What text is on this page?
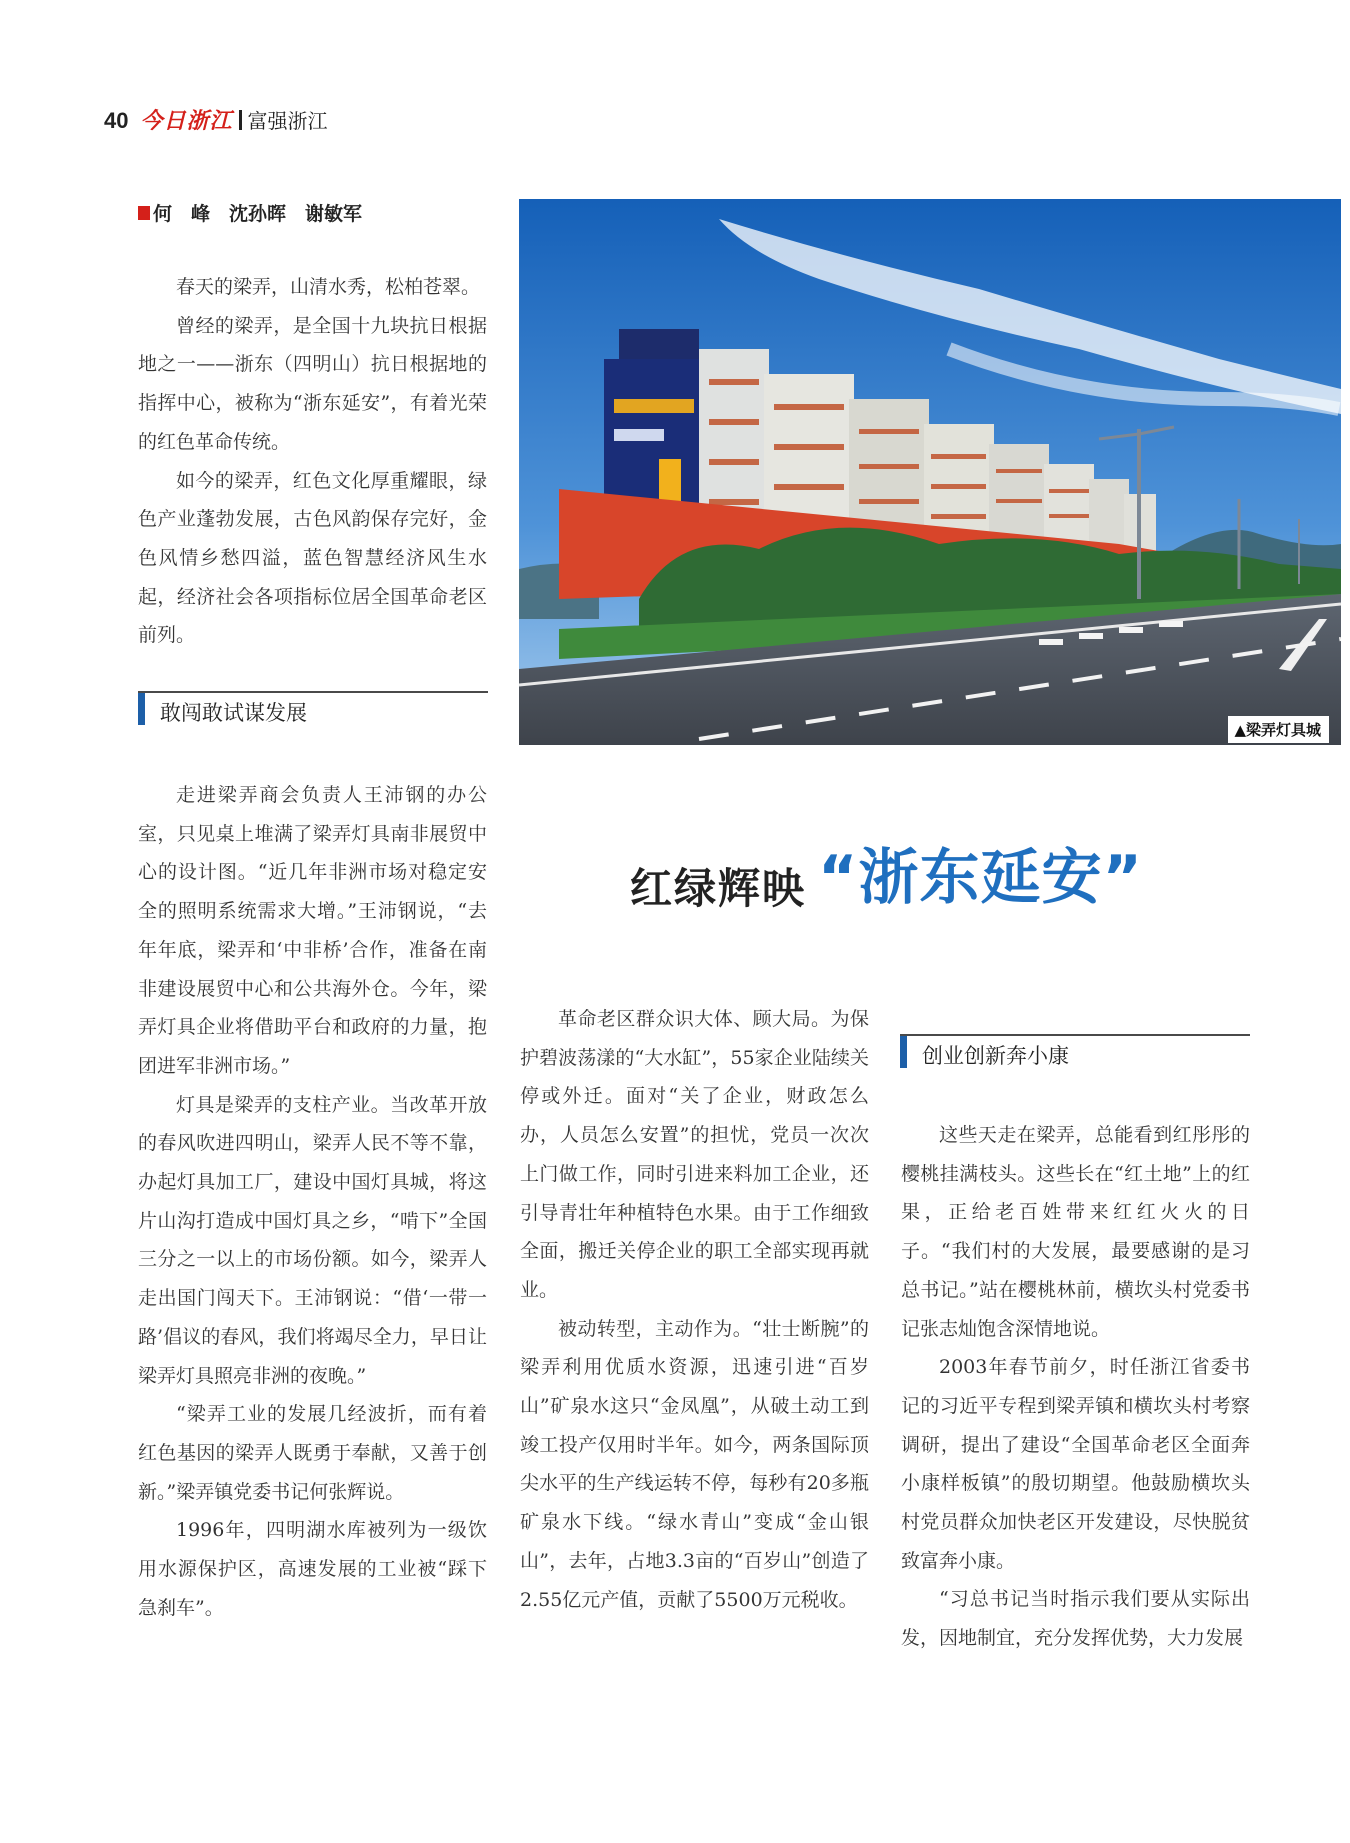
40 今日浙江 富强浙江
何　峰　沈孙晖　谢敏军

春天的梁弄，山清水秀，松柏苍翠。

曾经的梁弄，是全国十九块抗日根据地之一——浙东（四明山）抗日根据地的指挥中心，被称为“浙东延安”，有着光荣的红色革命传统。

如今的梁弄，红色文化厚重耀眼，绿色产业蓬勃发展，古色风韵保存完好，金色风情乡愁四溢，蓝色智慧经济风生水起，经济社会各项指标位居全国革命老区前列。

敢闯敢试谋发展

走进梁弄商会负责人王沛钢的办公室，只见桌上堆满了梁弄灯具南非展贸中心的设计图。“近几年非洲市场对稳定安全的照明系统需求大增。”王沛钢说，“去年年底，梁弄和‘中非桥’合作，准备在南非建设展贸中心和公共海外仓。今年，梁弄灯具企业将借助平台和政府的力量，抱团进军非洲市场。”

灯具是梁弄的支柱产业。当改革开放的春风吹进四明山，梁弄人民不等不靠，办起灯具加工厂，建设中国灯具城，将这片山沟打造成中国灯具之乡，“啃下”全国三分之一以上的市场份额。如今，梁弄人走出国门闯天下。王沛钢说：“借‘一带一路’倡议的春风，我们将竭尽全力，早日让梁弄灯具照亮非洲的夜晚。”

“梁弄工业的发展几经波折，而有着红色基因的梁弄人既勇于奉献，又善于创新。”梁弄镇党委书记何张辉说。

1996年，四明湖水库被列为一级饮用水源保护区，高速发展的工业被“踩下急刹车”。

▲梁弄灯具城
红绿辉映 “浙东延安”

革命老区群众识大体、顾大局。为保护碧波荡漾的“大水缸”，55家企业陆续关停或外迁。面对“关了企业，财政怎么办，人员怎么安置”的担忧，党员一次次上门做工作，同时引进来料加工企业，还引导青壮年种植特色水果。由于工作细致全面，搬迁关停企业的职工全部实现再就业。

被动转型，主动作为。“壮士断腕”的梁弄利用优质水资源，迅速引进“百岁山”矿泉水这只“金凤凰”，从破土动工到竣工投产仅用时半年。如今，两条国际顶尖水平的生产线运转不停，每秒有20多瓶矿泉水下线。“绿水青山”变成“金山银山”，去年，占地3.3亩的“百岁山”创造了2.55亿元产值，贡献了5500万元税收。

创业创新奔小康

这些天走在梁弄，总能看到红彤彤的樱桃挂满枝头。这些长在“红土地”上的红果，正给老百姓带来红红火火的日子。“我们村的大发展，最要感谢的是习总书记。”站在樱桃林前，横坎头村党委书记张志灿饱含深情地说。

2003年春节前夕，时任浙江省委书记的习近平专程到梁弄镇和横坎头村考察调研，提出了建设“全国革命老区全面奔小康样板镇”的殷切期望。他鼓励横坎头村党员群众加快老区开发建设，尽快脱贫致富奔小康。

“习总书记当时指示我们要从实际出发，因地制宜，充分发挥优势，大力发展
